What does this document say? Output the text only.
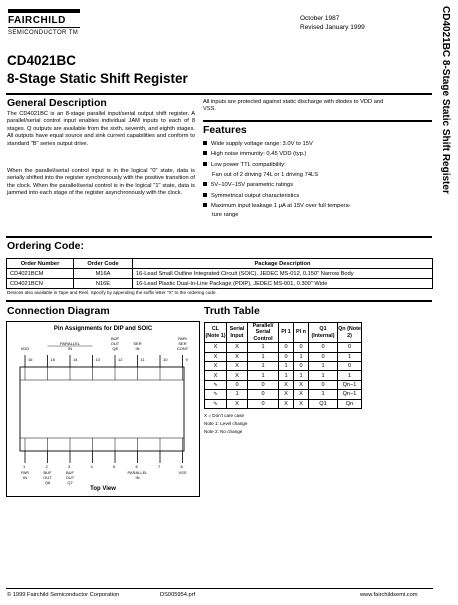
FAIRCHILD
SEMICONDUCTOR TM
October 1987
Revised January 1999	CD4021BC 8-Stage Static Shift Register
CD4021BC
8-Stage Static Shift Register
General Description
The CD4021BC is an 8-stage parallel input/serial output shift register. A parallel/serial control input enables individual JAM inputs to each of 8 stages. Q outputs are available from the sixth, seventh, and eighth stages. All outputs have equal source and sink current capabilities and conform to standard "B" series output drive.
When the parallel/serial control input is in the logical "0" state, data is serially shifted into the register synchronously with the positive transition of the clock. When the parallel/serial control is in the logical "1" state, data is jammed into each stage of the register asynchronously with the clock.
All inputs are protected against static discharge with diodes to VDD and VSS.
Features
Wide supply voltage range: 3.0V to 15V
High noise immunity: 0.45 VDD (typ.)
Low power TTL compatibility:
Fan out of 2 driving 74L or 1 driving 74LS
5V–10V–15V parametric ratings
Symmetrical output characteristics
Maximum input leakage 1 μA at 15V over full tempera-
ture range
Ordering Code:
Order Number	Order Code	Package Description
CD4021BCM	M16A	16-Lead Small Outline Integrated Circuit (SOIC), JEDEC MS-012, 0.150" Narrow Body
CD4021BCN	N16E	16-Lead Plastic Dual-In-Line Package (PDIP), JEDEC MS-001, 0.300" Wide
Devices also available in Tape and Reel. Specify by appending the suffix letter "X" to the ordering code.
Connection Diagram
Pin Assignments for DIP and SOIC
VDD
PARALLEL
IN
BUF
OUT
Q8
SER
IN
PAR/
SER
CONT
PAR
IN
BUF
OUT
Q6
BUF
OUT
Q7
PARALLEL
IN
VSS
16
1
15
2
14
3
13
4
12
5
11
6
10
7
9
8
Top View
Truth Table
CL (Note 1)	Serial Input	Parallel/ Serial Control	PI 1	PI n	Q1 (Internal)	Qn (Note 2)
X	X	1	0	0	0	0
X	X	1	0	1	0	1
X	X	1	1	0	1	0
X	X	1	1	1	1	1
∿	0	0	X	X	0	Qn−1
∿	1	0	X	X	1	Qn−1
∿	X	0	X	X	Q1	Qn
X = Don't care case
Note 1: Level change
Note 2: No change
© 1999 Fairchild Semiconductor Corporation	DS005954.prf	www.fairchildsemi.com
